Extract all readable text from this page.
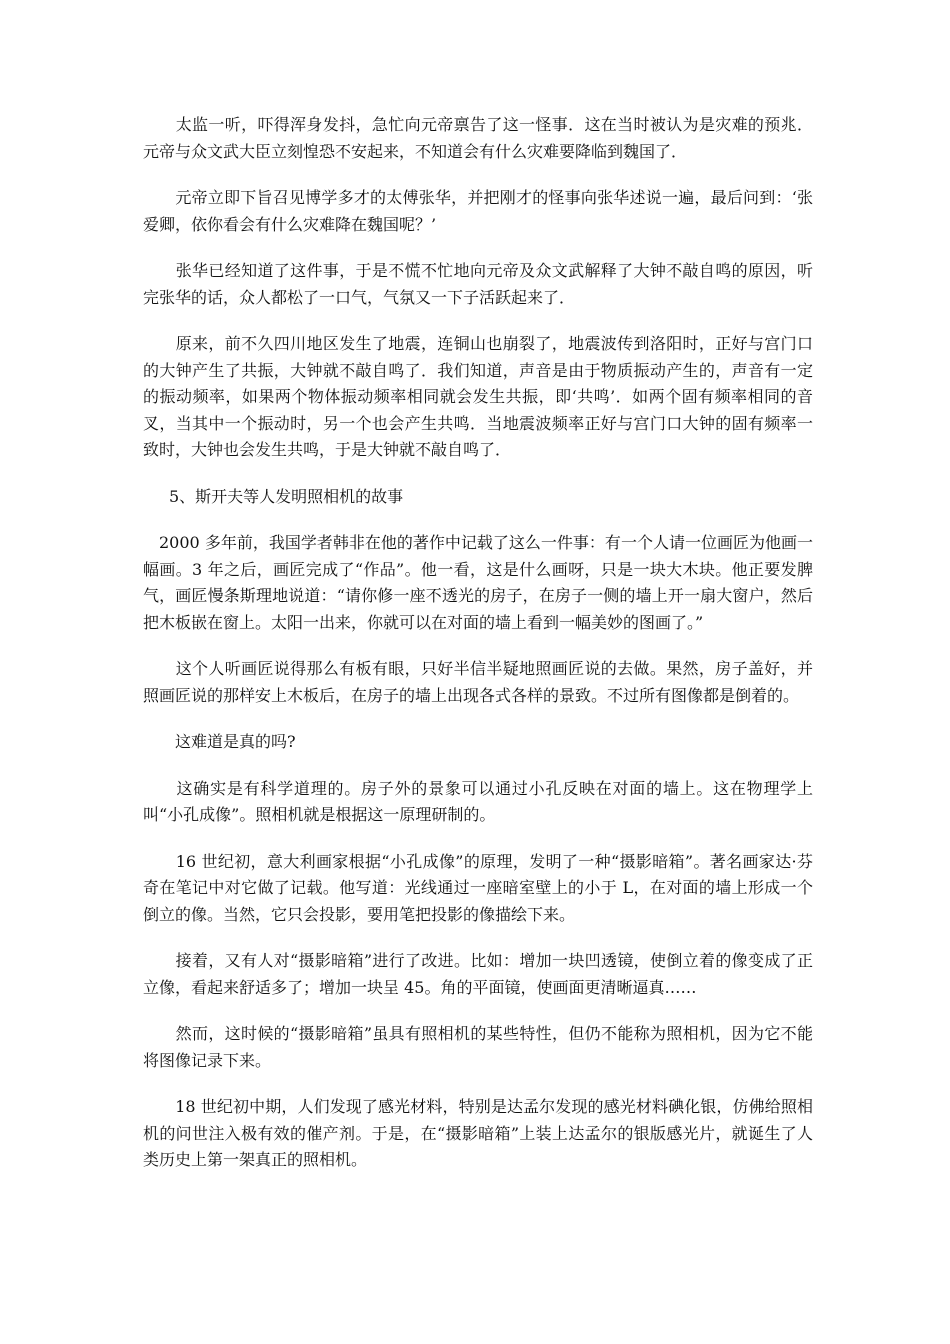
　　太监一听，吓得浑身发抖，急忙向元帝禀告了这一怪事．这在当时被认为是灾难的预兆．元帝与众文武大臣立刻惶恐不安起来，不知道会有什么灾难要降临到魏国了．

　　元帝立即下旨召见博学多才的太傅张华，并把刚才的怪事向张华述说一遍，最后问到：‘张爱卿，依你看会有什么灾难降在魏国呢？’

　　张华已经知道了这件事，于是不慌不忙地向元帝及众文武解释了大钟不敲自鸣的原因，听完张华的话，众人都松了一口气，气氛又一下子活跃起来了．

　　原来，前不久四川地区发生了地震，连铜山也崩裂了，地震波传到洛阳时，正好与宫门口的大钟产生了共振，大钟就不敲自鸣了．我们知道，声音是由于物质振动产生的，声音有一定的振动频率，如果两个物体振动频率相同就会发生共振，即‘共鸣’．如两个固有频率相同的音叉，当其中一个振动时，另一个也会产生共鸣．当地震波频率正好与宫门口大钟的固有频率一致时，大钟也会发生共鸣，于是大钟就不敲自鸣了．

5、斯开夫等人发明照相机的故事

　2000 多年前，我国学者韩非在他的著作中记载了这么一件事：有一个人请一位画匠为他画一幅画。3 年之后，画匠完成了“作品”。他一看，这是什么画呀，只是一块大木块。他正要发脾气，画匠慢条斯理地说道：“请你修一座不透光的房子，在房子一侧的墙上开一扇大窗户，然后把木板嵌在窗上。太阳一出来，你就可以在对面的墙上看到一幅美妙的图画了。”

　　这个人听画匠说得那么有板有眼，只好半信半疑地照画匠说的去做。果然，房子盖好，并照画匠说的那样安上木板后，在房子的墙上出现各式各样的景致。不过所有图像都是倒着的。

　　这难道是真的吗?

　　这确实是有科学道理的。房子外的景象可以通过小孔反映在对面的墙上。这在物理学上叫“小孔成像”。照相机就是根据这一原理研制的。

　　16 世纪初，意大利画家根据“小孔成像”的原理，发明了一种“摄影暗箱”。著名画家达·芬奇在笔记中对它做了记载。他写道：光线通过一座暗室壁上的小于 L，在对面的墙上形成一个倒立的像。当然，它只会投影，要用笔把投影的像描绘下来。

　　接着，又有人对“摄影暗箱”进行了改进。比如：增加一块凹透镜，使倒立着的像变成了正立像，看起来舒适多了；增加一块呈 45。角的平面镜，使画面更清晰逼真……

　　然而，这时候的“摄影暗箱”虽具有照相机的某些特性，但仍不能称为照相机，因为它不能将图像记录下来。

　　18 世纪初中期，人们发现了感光材料，特别是达孟尔发现的感光材料碘化银，仿佛给照相机的问世注入极有效的催产剂。于是，在“摄影暗箱”上装上达孟尔的银版感光片，就诞生了人类历史上第一架真正的照相机。
